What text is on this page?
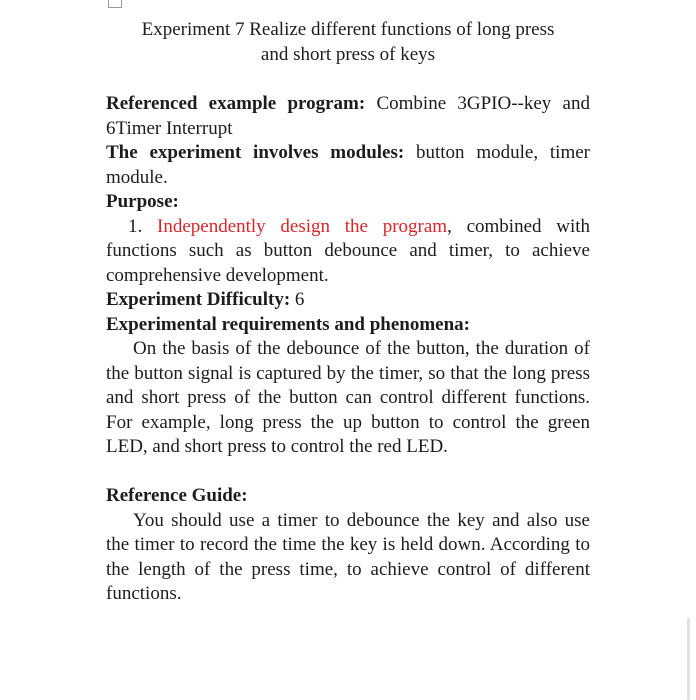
Experiment 7 Realize different functions of long press
and short press of keys

Referenced example program: Combine 3GPIO--key and 6Timer Interrupt

The experiment involves modules: button module, timer module.

Purpose:

1. Independently design the program, combined with functions such as button debounce and timer, to achieve comprehensive development.

Experiment Difficulty: 6

Experimental requirements and phenomena:

On the basis of the debounce of the button, the duration of the button signal is captured by the timer, so that the long press and short press of the button can control different functions. For example, long press the up button to control the green LED, and short press to control the red LED.

Reference Guide:

You should use a timer to debounce the key and also use the timer to record the time the key is held down. According to the length of the press time, to achieve control of different functions.
